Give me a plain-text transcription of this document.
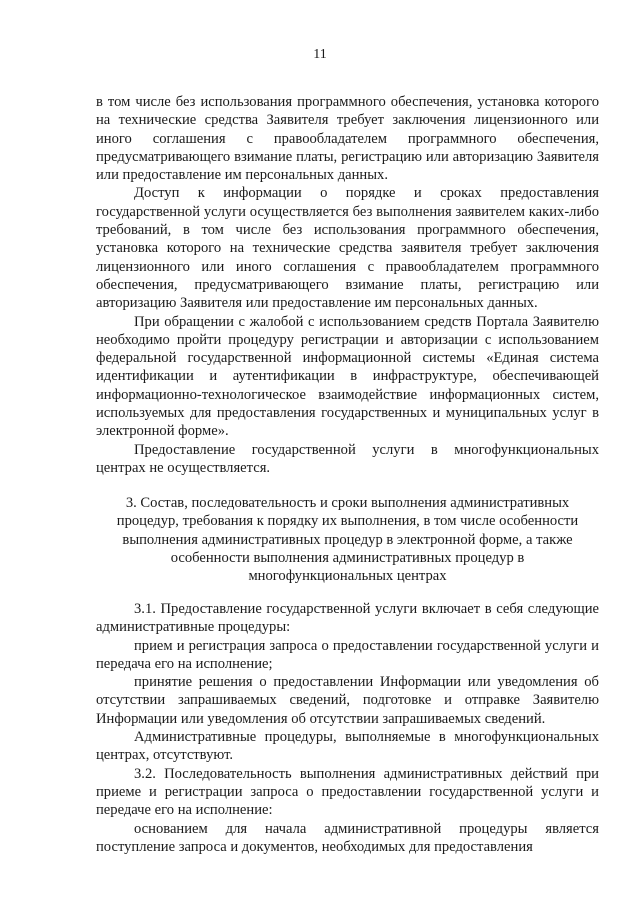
11

в том числе без использования программного обеспечения, установка которого на технические средства Заявителя требует заключения лицензионного или иного соглашения с правообладателем программного обеспечения, предусматривающего взимание платы, регистрацию или авторизацию Заявителя или предоставление им персональных данных.

Доступ к информации о порядке и сроках предоставления государственной услуги осуществляется без выполнения заявителем каких-либо требований, в том числе без использования программного обеспечения, установка которого на технические средства заявителя требует заключения лицензионного или иного соглашения с правообладателем программного обеспечения, предусматривающего взимание платы, регистрацию или авторизацию Заявителя или предоставление им персональных данных.

При обращении с жалобой с использованием средств Портала Заявителю необходимо пройти процедуру регистрации и авторизации с использованием федеральной государственной информационной системы «Единая система идентификации и аутентификации в инфраструктуре, обеспечивающей информационно-технологическое взаимодействие информационных систем, используемых для предоставления государственных и муниципальных услуг в электронной форме».

Предоставление государственной услуги в многофункциональных центрах не осуществляется.

3. Состав, последовательность и сроки выполнения административных
процедур, требования к порядку их выполнения, в том числе особенности
выполнения административных процедур в электронной форме, а также
особенности выполнения административных процедур в
многофункциональных центрах

3.1. Предоставление государственной услуги включает в себя следующие административные процедуры:

прием и регистрация запроса о предоставлении государственной услуги и передача его на исполнение;

принятие решения о предоставлении Информации или уведомления об отсутствии запрашиваемых сведений, подготовке и отправке Заявителю Информации или уведомления об отсутствии запрашиваемых сведений.

Административные процедуры, выполняемые в многофункциональных центрах, отсутствуют.

3.2. Последовательность выполнения административных действий при приеме и регистрации запроса о предоставлении государственной услуги и передаче его на исполнение:

основанием для начала административной процедуры является поступление запроса и документов, необходимых для предоставления
